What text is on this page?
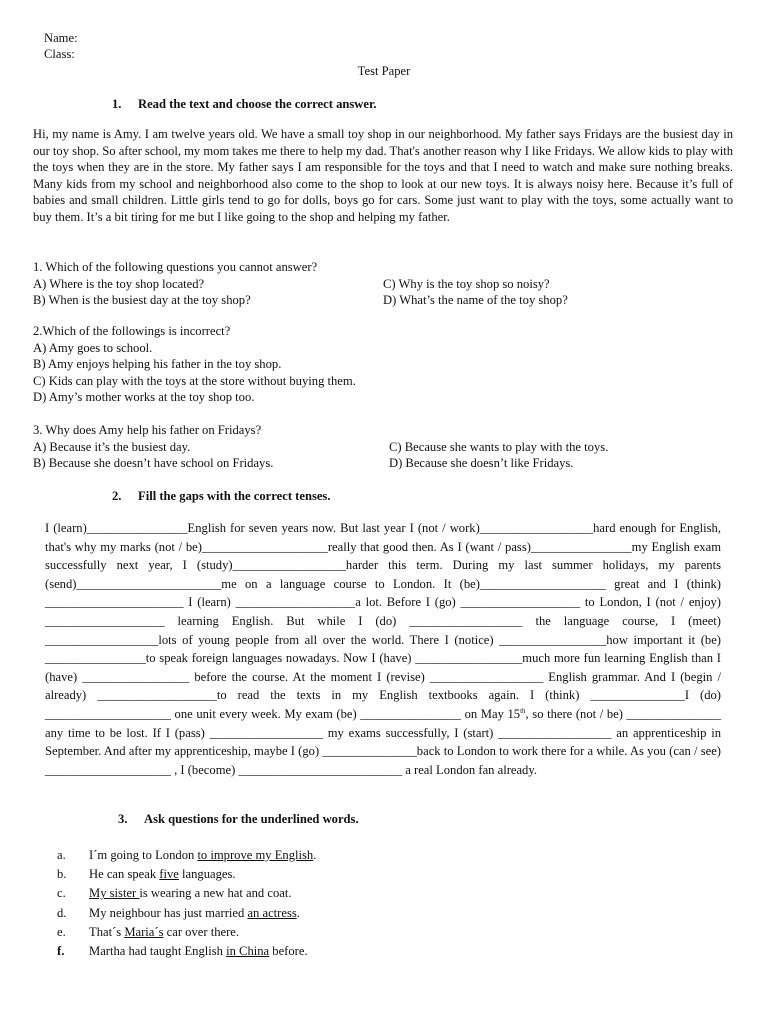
Name:
Class:
Test Paper
1. Read the text and choose the correct answer.
Hi, my name is Amy. I am twelve years old. We have a small toy shop in our neighborhood. My father says Fridays are the busiest day in our toy shop. So after school, my mom takes me there to help my dad. That's another reason why I like Fridays. We allow kids to play with the toys when they are in the store. My father says I am responsible for the toys and that I need to watch and make sure nothing breaks. Many kids from my school and neighborhood also come to the shop to look at our new toys. It is always noisy here. Because it’s full of babies and small children. Little girls tend to go for dolls, boys go for cars. Some just want to play with the toys, some actually want to buy them. It’s a bit tiring for me but I like going to the shop and helping my father.
1. Which of the following questions you cannot answer?
A) Where is the toy shop located?	C) Why is the toy shop so noisy?
B) When is the busiest day at the toy shop?	D) What’s the name of the toy shop?
2.Which of the followings is incorrect?
A) Amy goes to school.
B) Amy enjoys helping his father in the toy shop.
C) Kids can play with the toys at the store without buying them.
D) Amy’s mother works at the toy shop too.
3. Why does Amy help his father on Fridays?
A) Because it’s the busiest day.	C) Because she wants to play with the toys.
B) Because she doesn’t have school on Fridays.	D) Because she doesn’t like Fridays.
2. Fill the gaps with the correct tenses.
I (learn)________________English for seven years now. But last year I (not / work)__________________hard enough for English, that's why my marks (not / be)____________________really that good then. As I (want / pass)________________my English exam successfully next year, I (study)__________________harder this term. During my last summer holidays, my parents (send)_______________________me on a language course to London. It (be)____________________ great and I (think) ______________________ I (learn) ___________________a lot. Before I (go) ___________________ to London, I (not / enjoy) ___________________ learning English. But while I (do) __________________ the language course, I (meet) __________________lots of young people from all over the world. There I (notice) _________________how important it (be) ________________to speak foreign languages nowadays. Now I (have) _________________much more fun learning English than I (have) _________________ before the course. At the moment I (revise) __________________ English grammar. And I (begin / already) ___________________to read the texts in my English textbooks again. I (think) _______________I (do) ____________________ one unit every week. My exam (be) ________________ on May 15th, so there (not / be) _______________ any time to be lost. If I (pass) __________________ my exams successfully, I (start) __________________ an apprenticeship in September. And after my apprenticeship, maybe I (go) _______________back to London to work there for a while. As you (can / see) ____________________ , I (become) __________________________ a real London fan already.
3. Ask questions for the underlined words.
a.	I´m going to London to improve my English.
b.	He can speak five languages.
c.	My sister is wearing a new hat and coat.
d.	My neighbour has just married an actress.
e.	That´s Maria´s car over there.
f.	Martha had taught English in China before.
